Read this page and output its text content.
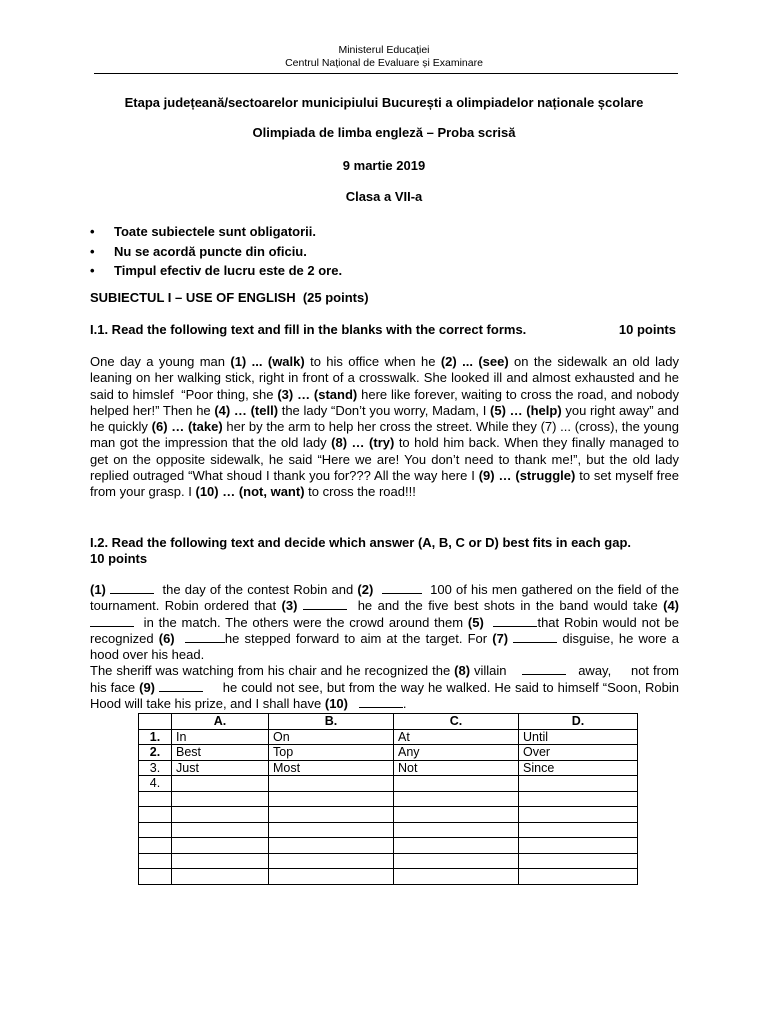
Ministerul Educației
Centrul Național de Evaluare și Examinare
Etapa județeană/sectoarelor municipiului București a olimpiadelor naționale școlare
Olimpiada de limba engleză – Proba scrisă
9 martie 2019
Clasa a VII-a
• Toate subiectele sunt obligatorii.
• Nu se acordă puncte din oficiu.
• Timpul efectiv de lucru este de 2 ore.
SUBIECTUL I – USE OF ENGLISH  (25 points)
I.1. Read the following text and fill in the blanks with the correct forms.	10 points
One day a young man (1) ... (walk) to his office when he (2) ... (see) on the sidewalk an old lady leaning on her walking stick, right in front of a crosswalk. She looked ill and almost exhausted and he said to himslef  “Poor thing, she (3) … (stand) here like forever, waiting to cross the road, and nobody helped her!” Then he (4) … (tell) the lady “Don’t you worry, Madam, I (5) … (help) you right away” and he quickly (6) … (take) her by the arm to help her cross the street. While they (7) ... (cross), the young man got the impression that the old lady (8) … (try) to hold him back. When they finally managed to get on the opposite sidewalk, he said “Here we are! You don’t need to thank me!”, but the old lady replied outraged “What shoud I thank you for??? All the way here I (9) … (struggle) to set myself free from your grasp. I (10) … (not, want) to cross the road!!!
I.2. Read the following text and decide which answer (A, B, C or D) best fits in each gap.
10 points
(1)	the day of the contest Robin and (2)	100 of his men gathered on the field of the tournament. Robin ordered that (3)	he and the five best shots in the band would take (4)   in the match. The others were the crowd around them (5)	that Robin would not be recognized (6)	he stepped forward to aim at the target. For (7)	disguise, he wore a hood over his head.
The sheriff was watching from his chair and he recognized the (8) villain	away,     not from his face (9)	he could not see, but from the way he walked. He said to himself “Soon, Robin Hood will take his prize, and I shall have (10)	.
	A.	B.	C.	D.
1.	In	On	At	Until
2.	Best	Top	Any	Over
3.	Just	Most	Not	Since
4.				
